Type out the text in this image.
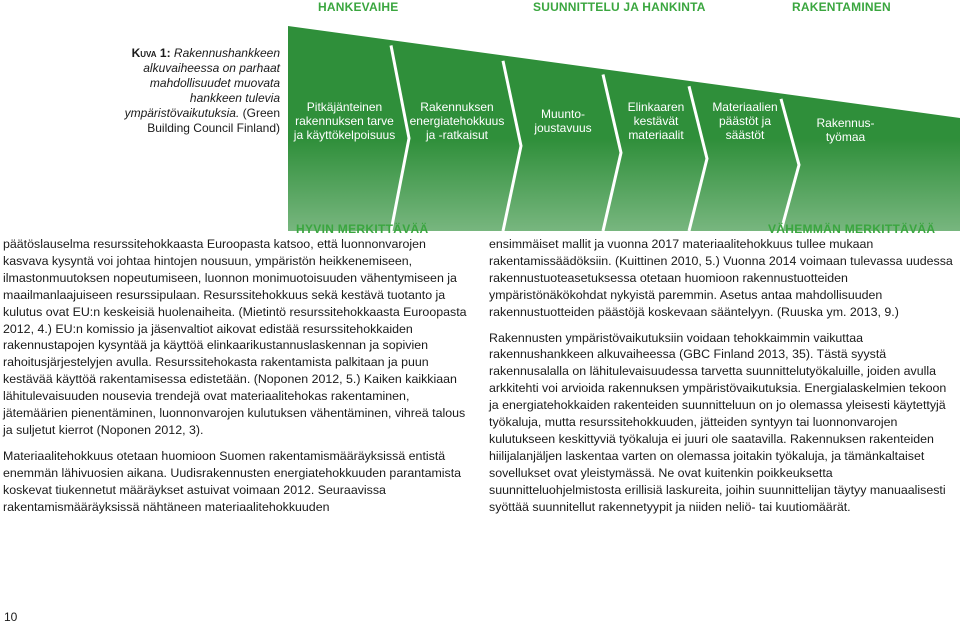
HANKEVAIHE	SUUNNITTELU JA HANKINTA	RAKENTAMINEN
Kuva 1: Rakennushankkeen alkuvaiheessa on parhaat mahdollisuudet muovata hankkeen tulevia ympäristövaikutuksia. (Green Building Council Finland)
Pitkäjänteinen
rakennuksen tarve
ja käyttökelpoisuus
Rakennuksen
energiatehokkuus
ja -ratkaisut
Muunto-
joustavuus
Elinkaaren
kestävät
materiaalit
Materiaalien
päästöt ja
säästöt
Rakennus-
työmaa
HYVIN MERKITTÄVÄÄ	VÄHEMMÄN MERKITTÄVÄÄ

päätöslauselma resurssitehokkaasta Euroopasta katsoo, että luonnonvarojen kasvava kysyntä voi johtaa hintojen nousuun, ympäristön heikkenemiseen, ilmastonmuutoksen nopeutumiseen, luonnon monimuotoisuuden vähentymiseen ja maailmanlaajuiseen resurssipulaan. Resurssitehokkuus sekä kestävä tuotanto ja kulutus ovat EU:n keskeisiä huolenaiheita. (Mietintö resurssitehokkaasta Euroopasta 2012, 4.) EU:n komissio ja jäsenvaltiot aikovat edistää resurssitehokkaiden rakennustapojen kysyntää ja käyttöä elinkaarikustannuslaskennan ja sopivien rahoitusjärjestelyjen avulla. Resurssitehokasta rakentamista palkitaan ja puun kestävää käyttöä rakentamisessa edistetään. (Noponen 2012, 5.) Kaiken kaikkiaan lähitulevaisuuden nousevia trendejä ovat materiaalitehokas rakentaminen, jätemäärien pienentäminen, luonnonvarojen kulutuksen vähentäminen, vihreä talous ja suljetut kierrot (Noponen 2012, 3).

Materiaalitehokkuus otetaan huomioon Suomen rakentamismääräyksissä entistä enemmän lähivuosien aikana. Uudisrakennusten energiatehokkuuden parantamista koskevat tiukennetut määräykset astuivat voimaan 2012. Seuraavissa rakentamismääräyksissä nähtäneen materiaalitehokkuuden

ensimmäiset mallit ja vuonna 2017 materiaalitehokkuus tullee mukaan rakentamissäädöksiin. (Kuittinen 2010, 5.) Vuonna 2014 voimaan tulevassa uudessa rakennustuoteasetuksessa otetaan huomioon rakennustuotteiden ympäristönäkökohdat nykyistä paremmin. Asetus antaa mahdollisuuden rakennustuotteiden päästöjä koskevaan sääntelyyn. (Ruuska ym. 2013, 9.)

Rakennusten ympäristövaikutuksiin voidaan tehokkaimmin vaikuttaa rakennushankkeen alkuvaiheessa (GBC Finland 2013, 35). Tästä syystä rakennusalalla on lähitulevaisuudessa tarvetta suunnittelutyökaluille, joiden avulla arkkitehti voi arvioida rakennuksen ympäristövaikutuksia. Energialaskelmien tekoon ja energiatehokkaiden rakenteiden suunnitteluun on jo olemassa yleisesti käytettyjä työkaluja, mutta resurssitehokkuuden, jätteiden syntyyn tai luonnonvarojen kulutukseen keskittyviä työkaluja ei juuri ole saatavilla. Rakennuksen rakenteiden hiilijalanjäljen laskentaa varten on olemassa joitakin työkaluja, ja tämänkaltaiset sovellukset ovat yleistymässä. Ne ovat kuitenkin poikkeuksetta suunnitteluohjelmistosta erillisiä laskureita, joihin suunnittelijan täytyy manuaalisesti syöttää suunnitellut rakennetyypit ja niiden neliö- tai kuutiomäärät.

10
